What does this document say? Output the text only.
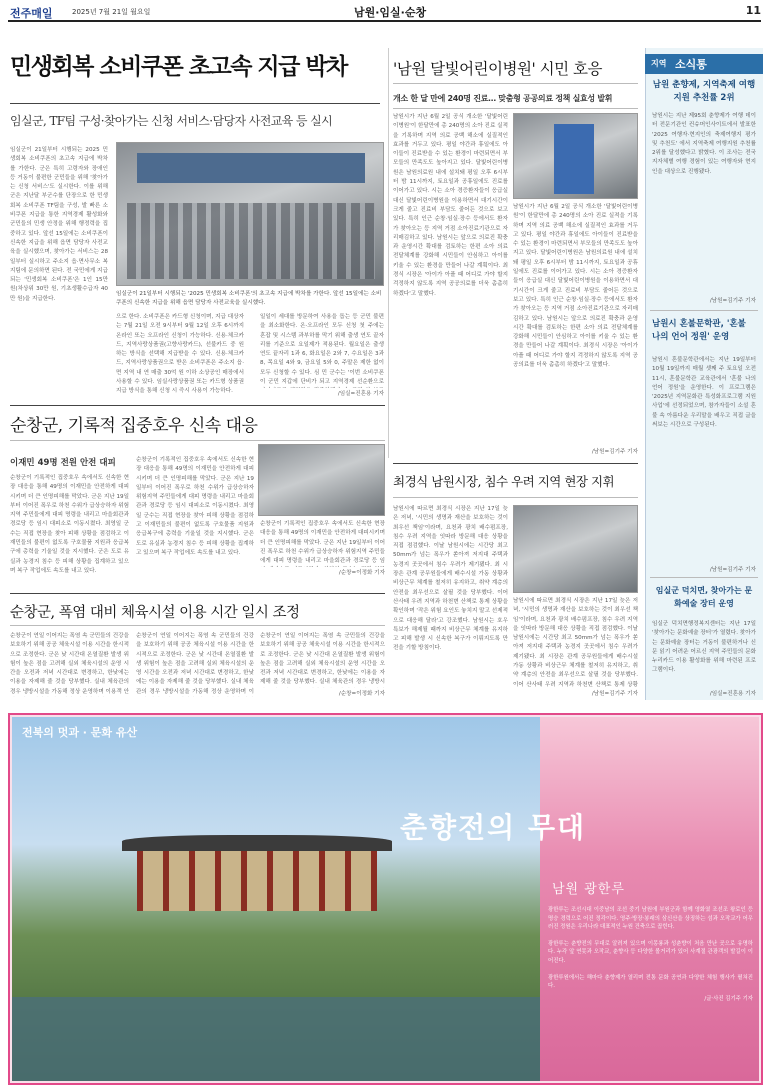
전주매일	2025년 7월 21일 월요일	남원·임실·순창	11
민생회복 소비쿠폰 초고속 지급 박차
임실군, TF팀 구성·찾아가는 신청 서비스·담당자 사전교육 등 실시
임실군이 21일부터 시행되는 2025 민생회복 소비쿠폰의 초고속 지급에 박차를 가한다. 군은 특히 고령자와 장애인 등 거동이 불편한 군민들을 위해 '찾아가는 신청 서비스'도 실시한다. 이를 위해 군은 지난달 부군수를 단장으로 한 민생회복 소비쿠폰 TF팀을 구성, 발 빠른 소비쿠폰 지급을 통한 지역경제 활성화와 군민들의 민생 안정을 위해 행정력을 집중하고 있다. 앞선 15일에는 소비쿠폰이 신속한 지급을 위해 읍면 담당자 사전교육을 실시했으며, 찾아가는 서비스는 28일부터 실시하고 주소지 읍·면사무소 복지팀에 문의하면 된다. 전 국민에게 지급되는 '민생회복 소비쿠폰'은 1인 15만 원(차상위 30만 원, 기초생활수급자 40만 원)을 지급한다.
임실군이 21일부터 시행되는 '2025 민생회복 소비쿠폰'의 초고속 지급에 박차를 가한다. 앞선 15일에는 소비쿠폰의 신속한 지급을 위해 읍면 담당자 사전교육을 실시했다.
으로 한다. 소비쿠폰은 카드형 신청이며, 지급 대상자는 7월 21일 오전 9시부터 9월 12일 오후 6시까지 온라인 또는 오프라인 신청이 가능하다. 신용·체크카드, 지역사랑상품권(고향사랑카드), 선불카드 중 원하는 방식을 선택해 지급받을 수 있다. 신용·체크카드, 지역사랑상품권으로 받은 소비쿠폰은 주소지 읍·면 지역 내 연 매출 30억 원 이하 소상공인 매장에서 사용할 수 있다. 임실사랑상품권 또는 카드형 상품권 지급 방식을 통해 신청 시 즉시 사용이 가능하다.
일일이 세대를 방문하여 사용을 돕는 등 군민 불편을 최소화한다. 온·오프라인 모두 신청 첫 주에는 혼잡 및 시스템 과부하를 막기 위해 출생 연도 끝자리를 기준으로 요일제가 적용된다. 월요일은 출생 연도 끝자리 1과 6, 화요일은 2와 7, 수요일은 3과 8, 목요일 4와 9, 금요일 5와 0, 주말은 제한 없이 모두 신청할 수 있다. 심 민 군수는 '이번 소비쿠폰이 군민 지갑에 단비가 되고 지역경제 선순환으로
/임실=진혼용 기자
'남원 달빛어린이병원' 시민 호응
개소 한 달 만에 240명 진료… 맞춤형 공공의료 정책 실효성 발휘
남원시가 지난 6월 2일 공식 개소한 '달빛어린이병원'이 한달만에 총 240명의 소아 진료 실적을 기록하며 지역 의료 공백 해소에 실질적인 효과를 거두고 있다. 평일 야간과 휴일에도 아이들이 진료받을 수 있는 환경이 마련되면서 부모들의 만족도도 높아지고 있다. 달빛어린이병원은 남원의료원 내에 설치돼 평일 오후 6시부터 밤 11시까지, 토요일과 공휴일에도 진료를 이어가고 있다. 시는 소아 경증환자들이 응급실 대신 달빛어린이병원을 이용하면서 대기시간이 크게 줄고 진료비 부담도 줄어든 것으로 보고 있다. 특히 인근 순창·임실·장수 등에서도 환자가 찾아오는 등 지역 거점 소아진료기관으로 자리매김하고 있다. 남원시는 앞으로 의료진 확충과 운영시간 확대를 검토하는 한편 소아 의료 전달체계를 강화해 시민들이 안심하고 아이를 키울 수 있는 환경을 만들어 나갈 계획이다. 최경식 시장은 '아이가 아플 때 어디로 가야 할지 걱정하지 않도록 지역 공공의료를 더욱 촘촘히 하겠다'고 말했다.
남원시가 지난 6월 2일 공식 개소한 '달빛어린이병원'이 한달만에 총 240명의 소아 진료 실적을 기록하며 지역 의료 공백 해소에 실질적인 효과를 거두고 있다. 평일 야간과 휴일에도 아이들이 진료받을 수 있는 환경이 마련되면서 부모들의 만족도도 높아지고 있다. 달빛어린이병원은 남원의료원 내에 설치돼 평일 오후 6시부터 밤 11시까지, 토요일과 공휴일에도 진료를 이어가고 있다. 시는 소아 경증환자들이 응급실 대신 달빛어린이병원을 이용하면서 대기시간이 크게 줄고 진료비 부담도 줄어든 것으로 보고 있다. 특히 인근 순창·임실·장수 등에서도 환자가 찾아오는 등 지역 거점 소아진료기관으로 자리매김하고 있다. 남원시는 앞으로 의료진 확충과 운영시간 확대를 검토하는 한편 소아 의료 전달체계를 강화해 시민들이 안심하고 아이를 키울 수 있는 환경을 만들어 나갈 계획이다. 최경식 시장은 '아이가 아플 때 어디로 가야 할지 걱정하지 않도록 지역 공공의료를 더욱 촘촘히 하겠다'고 말했다.
/남원=김기주 기자
순창군, 기록적 집중호우 신속 대응
이재민 49명 전원 안전 대피
순창군이 기록적인 집중호우 속에서도 신속한 현장 대응을 통해 49명의 이재민을 안전하게 대피시키며 더 큰 인명피해를 막았다. 군은 지난 19일부터 이어진 폭우로 하천 수위가 급상승하자 위험지역 주민들에게 대피 명령을 내리고 마을회관과 경로당 등 임시 대피소로 이동시켰다. 최영일 군수는 직접 현장을 찾아 피해 상황을 점검하고 이재민들의 불편이 없도록 구호물품 지원과 응급복구에 총력을 기울일 것을 지시했다. 군은 도로 유실과 농경지 침수 등 피해 상황을 집계하고 있으며 복구 작업에도 속도를 내고 있다.
순창군이 기록적인 집중호우 속에서도 신속한 현장 대응을 통해 49명의 이재민을 안전하게 대피시키며 더 큰 인명피해를 막았다. 군은 지난 19일부터 이어진 폭우로 하천 수위가 급상승하자 위험지역 주민들에게 대피 명령을 내리고 마을회관과 경로당 등 임시 대피소로 이동시켰다. 최영일 군수는 직접 현장을 찾아 피해 상황을 점검하고 이재민들의 불편이 없도록 구호물품 지원과 응급복구에 총력을 기울일 것을 지시했다. 군은 도로 유실과 농경지 침수 등 피해 상황을 집계하고 있으며 복구 작업에도 속도를 내고 있다.
순창군이 기록적인 집중호우 속에서도 신속한 현장 대응을 통해 49명의 이재민을 안전하게 대피시키며 더 큰 인명피해를 막았다. 군은 지난 19일부터 이어진 폭우로 하천 수위가 급상승하자 위험지역 주민들에게 대피 명령을 내리고 마을회관과 경로당 등 임
/순창=이정화 기자
순창군, 폭염 대비 체육시설 이용 시간 일시 조정
순창군이 연일 이어지는 폭염 속 군민들의 건강을 보호하기 위해 공공 체육시설 이용 시간을 한시적으로 조정한다. 군은 낮 시간대 온열질환 발생 위험이 높은 점을 고려해 실외 체육시설의 운영 시간을 오전과 저녁 시간대로 변경하고, 한낮에는 이용을 자제해 줄 것을 당부했다. 실내 체육관의 경우 냉방시설을 가동해 정상 운영하며 이용객 안
순창군이 연일 이어지는 폭염 속 군민들의 건강을 보호하기 위해 공공 체육시설 이용 시간을 한시적으로 조정한다. 군은 낮 시간대 온열질환 발생 위험이 높은 점을 고려해 실외 체육시설의 운영 시간을 오전과 저녁 시간대로 변경하고, 한낮에는 이용을 자제해 줄 것을 당부했다. 실내 체육관의 경우 냉방시설을 가동해 정상 운영하며 이
순창군이 연일 이어지는 폭염 속 군민들의 건강을 보호하기 위해 공공 체육시설 이용 시간을 한시적으로 조정한다. 군은 낮 시간대 온열질환 발생 위험이 높은 점을 고려해 실외 체육시설의 운영 시간을 오전과 저녁 시간대로 변경하고, 한낮에는 이용을 자제해 줄 것을 당부했다. 실내 체육관의 경우 냉방시
/순창=이정화 기자
최경식 남원시장, 침수 우려 지역 현장 지휘
남원시에 따르면 최경식 시장은 지난 17일 늦은 저녁, '시민의 생명과 재산을 보호하는 것이 최우선 책임'이라며, 요천과 광치 배수펌프장, 침수 우려 지역을 잇따라 방문해 대응 상황을 직접 점검했다. 이날 남원시에는 시간당 최고 50mm가 넘는 폭우가 쏟아져 저지대 주택과 농경지 곳곳에서 침수 우려가 제기됐다. 최 시장은 관계 공무원들에게 배수시설 가동 상황과 비상근무 체계를 철저히 유지하고, 취약 계층의 안전을 최우선으로 살필 것을 당부했다. 이어 산사태 우려 지역과 하천변 산책로 통제 상황을 확인하며 '작은 위험 요인도 놓치지 말고 선제적으로 대응해 달라'고 강조했다. 남원시는 호우 특보가 해제될 때까지 비상근무 체계를 유지하고 피해 발생 시 신속한 복구가 이뤄지도록 만전을 기할 방침이다.
남원시에 따르면 최경식 시장은 지난 17일 늦은 저녁, '시민의 생명과 재산을 보호하는 것이 최우선 책임'이라며, 요천과 광치 배수펌프장, 침수 우려 지역을 잇따라 방문해 대응 상황을 직접 점검했다. 이날 남원시에는 시간당 최고 50mm가 넘는 폭우가 쏟아져 저지대 주택과 농경지 곳곳에서 침수 우려가 제기됐다. 최 시장은 관계 공무원들에게 배수시설 가동 상황과 비상근무 체계를 철저히 유지하고, 취약 계층의 안전을 최우선으로 살필 것을 당부했다. 이어 산사태 우려 지역과 하천변 산책로 통제 상황
/남원=김기주 기자
지역 소식통
남원 춘향제, 지역축제 여행지원 추천률 2위
남원시는 지난 제95회 춘향제가 여행 데이터 전문기관인 컨슈머인사이트에서 발표한 '2025 여행자·현지인의 축제여행지 평가 및 추천도' 에서 지역축제 여행지원 추천률 2위를 달성했다고 밝혔다. 이 조사는 전국 지자체별 여행 경험이 있는 여행자와 현지인을 대상으로 진행됐다.
/남원=김기주 기자
남원시 혼불문학관, '혼불 나의 언어 정원' 운영
남원시 혼불문학관에서는 지난 19일부터 10월 19일까지 매월 셋째 주 토요일 오전 11시, 혼불문학관 교육관에서 '혼불 나의 언어 정원'을 운영한다. 이 프로그램은 '2025년 지역문화관 특성화프로그램 지원사업'에 선정되었으며, 참가자들이 소설 혼불 속 아름다운 우리말을 배우고 직접 글을 써보는 시간으로 구성된다.
/남원=김기주 기자
임실군 덕치면, 찾아가는 문화예술 장터 운영
임실군 덕치면행정복지센터는 지난 17일 '찾아가는 문화예술 장터'가 열렸다. 찾아가는 문화예술 장터는 거동이 불편하거나 신문 읽기 어려운 어르신 지역 주민들의 문화누리카드 이용 활성화를 위해 마련된 프로그램이다.
/임실=진혼용 기자
전북의 멋과 · 문화 유산
춘향전의 무대
남원 광한루

광한루는 조선시대 이중남의 조선 중기 남원에 부원군과 함께 영화였 조선조 왕로인 등 명승 경력으로 어진 정각이다. 영주·방장·봉래의 삼신산을 상징하는 섬과 오작교가 어우러진 정원은 우리나라 대표적인 누원 건축으로 꼽힌다.

광한루는 춘향전의 무대로 알려져 있으며 이몽룡과 성춘향이 처음 만난 곳으로 유명하다. 누각 앞 연못과 오작교, 춘향사 등 다양한 볼거리가 있어 사계절 관광객의 발길이 이어진다.

광한루원에서는 해마다 춘향제가 열리며 전통 문화 공연과 다양한 체험 행사가 펼쳐진다.

/글·사진 김기주 기자
